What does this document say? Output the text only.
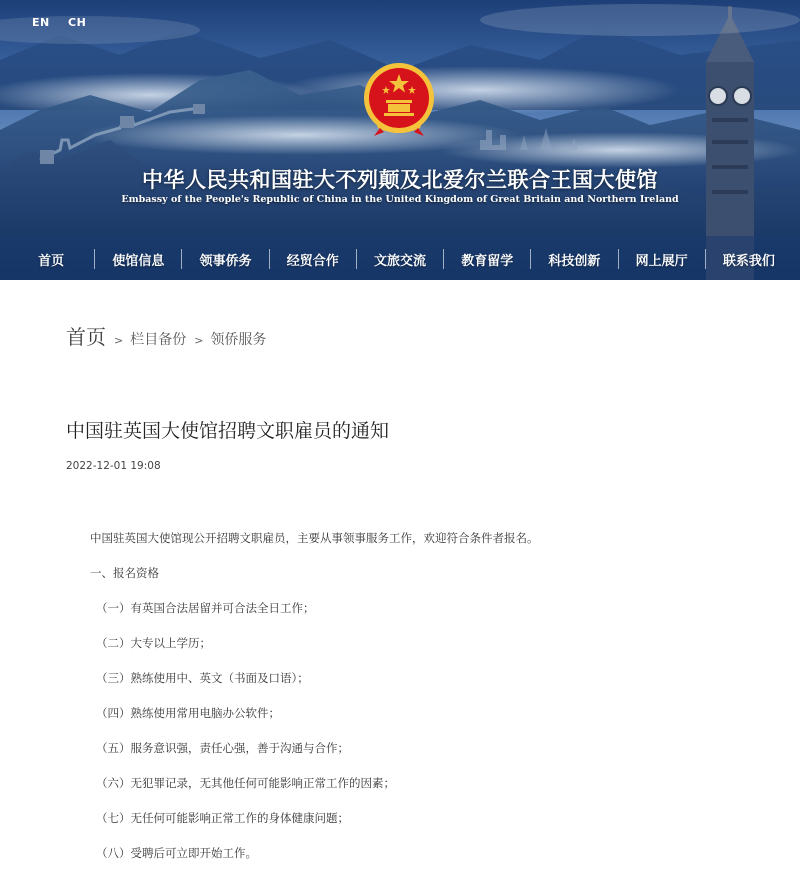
EN CH
中华人民共和国驻大不列颠及北爱尔兰联合王国大使馆
Embassy of the People's Republic of China in the United Kingdom of Great Britain and Northern Ireland
首页	使馆信息	领事侨务	经贸合作	文旅交流	教育留学	科技创新	网上展厅	联系我们
首页 > 栏目备份 > 领侨服务
中国驻英国大使馆招聘文职雇员的通知
2022-12-01 19:08

中国驻英国大使馆现公开招聘文职雇员，主要从事领事服务工作，欢迎符合条件者报名。

一、报名资格

（一）有英国合法居留并可合法全日工作；

（二）大专以上学历；

（三）熟练使用中、英文（书面及口语）；

（四）熟练使用常用电脑办公软件；

（五）服务意识强，责任心强，善于沟通与合作；

（六）无犯罪记录，无其他任何可能影响正常工作的因素；

（七）无任何可能影响正常工作的身体健康问题；

（八）受聘后可立即开始工作。
